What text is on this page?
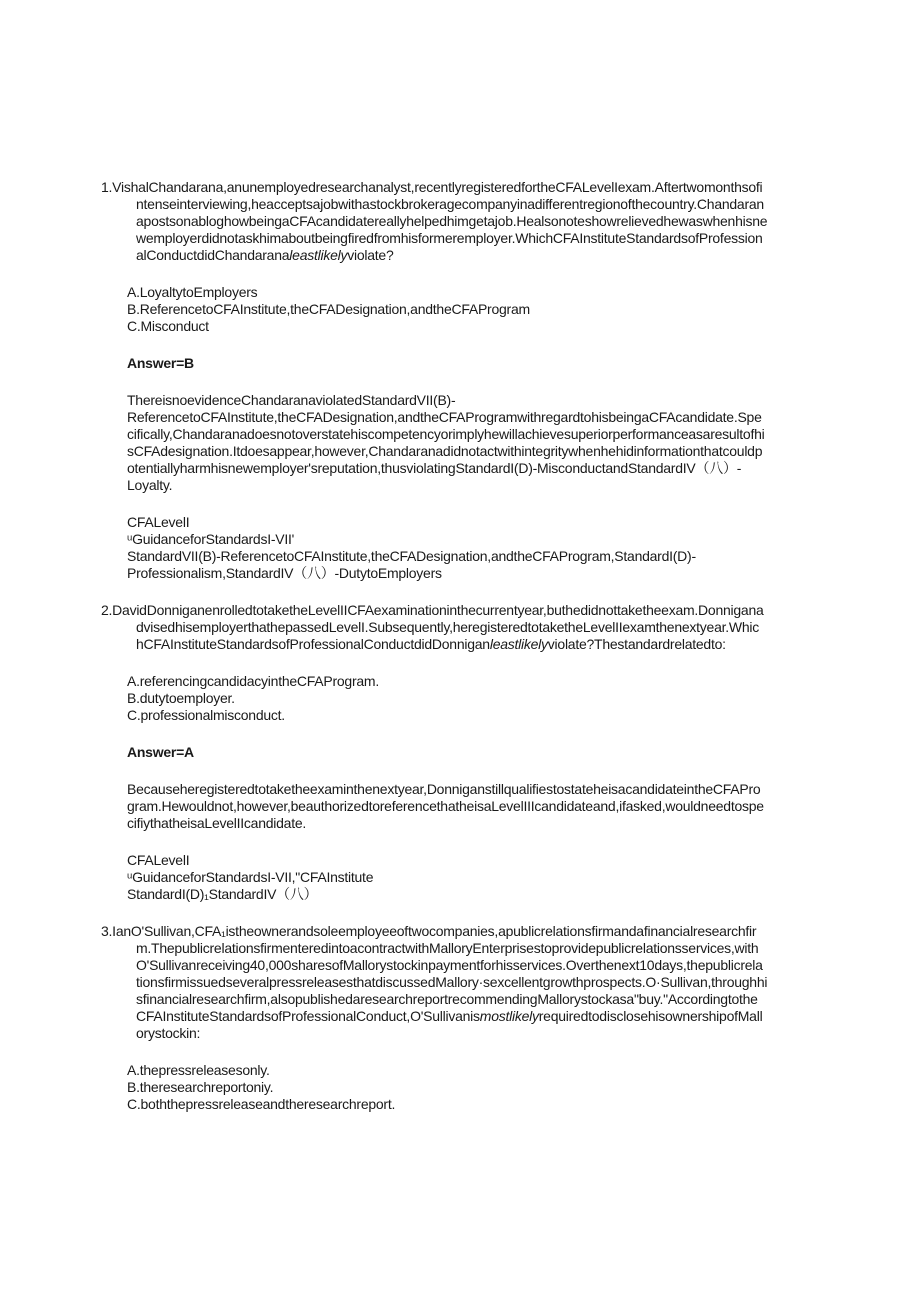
1.VishalChandarana,anunemployedresearchanalyst,recentlyregisteredfortheCFALevelIexam.Aftertwomonthsofi
ntenseinterviewing,heacceptsajobwithastockbrokeragecompanyinadifferentregionofthecountry.Chandaran
apostsonabloghowbeingaCFAcandidatereallyhelpedhimgetajob.Healsonoteshowrelievedhewaswhenhisne
wemployerdidnotaskhimaboutbeingfiredfromhisformeremployer.WhichCFAInstituteStandardsofProfession
alConductdidChandaranaleastlikelyviolate?
A.LoyaltytoEmployers
B.ReferencetoCFAInstitute,theCFADesignation,andtheCFAProgram
C.Misconduct
Answer=B
ThereisnoevidenceChandaranaviolatedStandardVII(B)-
ReferencetoCFAInstitute,theCFADesignation,andtheCFAProgramwithregardtohisbeingaCFAcandidate.Spe
cifically,Chandaranadoesnotoverstatehiscompetencyorimplyhewillachievesuperiorperformanceasaresultofhi
sCFAdesignation.Itdoesappear,however,Chandaranadidnotactwithintegritywhenhehidinformationthatcouldp
otentiallyharmhisnewemployer'sreputation,thusviolatingStandardI(D)-MisconductandStandardIV（八）-
Loyalty.
CFALevelI
ᵘGuidanceforStandardsI-VII'
StandardVII(B)-ReferencetoCFAInstitute,theCFADesignation,andtheCFAProgram,StandardI(D)-
Professionalism,StandardIV（八）-DutytoEmployers
2.DavidDonniganenrolledtotaketheLevelIICFAexaminationinthecurrentyear,buthedidnottaketheexam.Donnigana
dvisedhisemployerthathepassedLevelI.Subsequently,heregisteredtotaketheLevelIIexamthenextyear.Whic
hCFAInstituteStandardsofProfessionalConductdidDonniganleastlikelyviolate?Thestandardrelatedto:
A.referencingcandidacyintheCFAProgram.
B.dutytoemployer.
C.professionalmisconduct.
Answer=A
Becauseheregisteredtotaketheexaminthenextyear,DonniganstillqualifiestostateheisacandidateintheCFAPro
gram.Hewouldnot,however,beauthorizedtoreferencethatheisaLevelIIIcandidateand,ifasked,wouldneedtospe
cifiythatheisaLevelIIcandidate.
CFALevelI
ᵘGuidanceforStandardsI-VII,"CFAInstitute
StandardI(D)₁StandardIV（八）
3.IanO'Sullivan,CFA₁istheownerandsoleemployeeoftwocompanies,apublicrelationsfirmandafinancialresearchfir
m.ThepublicrelationsfirmenteredintoacontractwithMalloryEnterprisestoprovidepublicrelationsservices,with
O'Sullivanreceiving40,000sharesofMallorystockinpaymentforhisservices.Overthenext10days,thepublicrela
tionsfirmissuedseveralpressreleasesthatdiscussedMallory·sexcellentgrowthprospects.O·Sullivan,throughhi
sfinancialresearchfirm,alsopublishedaresearchreportrecommendingMallorystockasa"buy."Accordingtothe
CFAInstituteStandardsofProfessionalConduct,O'SullivanismostlikelyrequiredtodisclosehisownershipofMall
orystockin:
A.thepressreleasesonly.
B.theresearchreportoniy.
C.boththepressreleaseandtheresearchreport.
